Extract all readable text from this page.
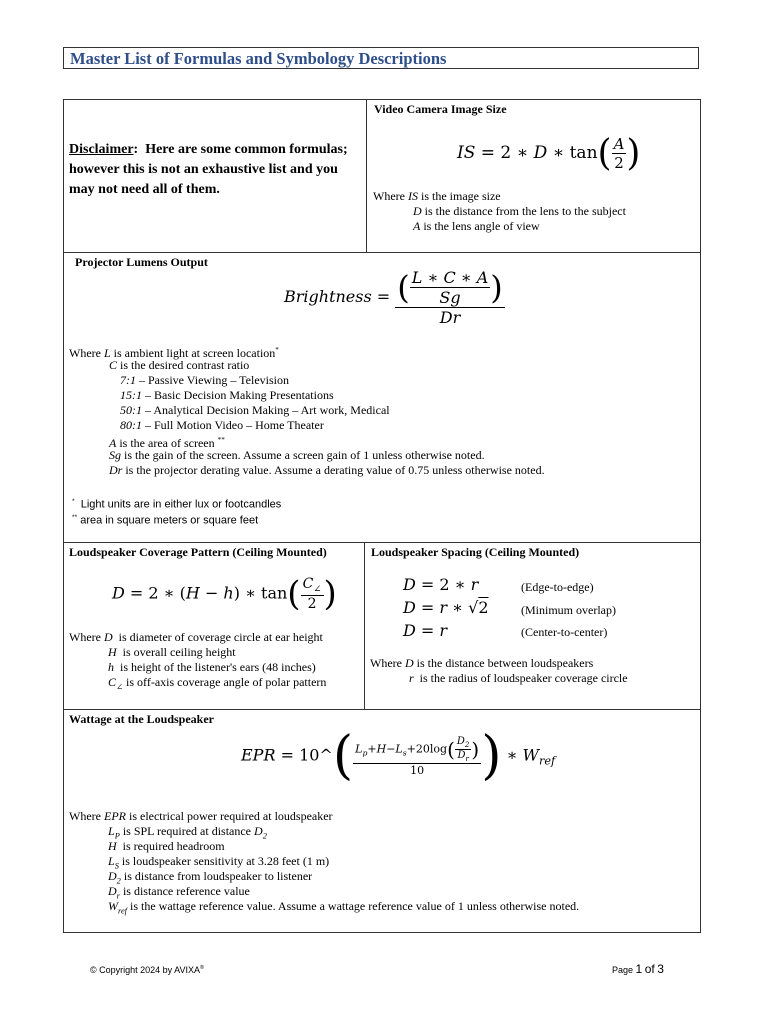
Master List of Formulas and Symbology Descriptions
Disclaimer:  Here are some common formulas; however this is not an exhaustive list and you may not need all of them.
Video Camera Image Size
IS = 2 ∗ D ∗ $\tan( \frac{A}{2}$ )
Where IS is the image size
D is the distance from the lens to the subject
A is the lens angle of view
Projector Lumens Output
Brightness = $\frac{( \frac{L ∗ C ∗ A}{Sg} )}{Dr}$
Where L is ambient light at screen location*
C is the desired contrast ratio
7:1 – Passive Viewing – Television
15:1 – Basic Decision Making Presentations
50:1 – Analytical Decision Making – Art work, Medical
80:1 – Full Motion Video – Home Theater
A is the area of screen **
Sg is the gain of the screen. Assume a screen gain of 1 unless otherwise noted.
Dr is the projector derating value. Assume a derating value of 0.75 unless otherwise noted.
* Light units are in either lux or footcandles
** area in square meters or square feet
Loudspeaker Coverage Pattern (Ceiling Mounted)
D = 2 ∗ (H − h) ∗ $\tan( \frac{C_\angle}{2}$ )
Where D is diameter of coverage circle at ear height
H is overall ceiling height
h is height of the listener's ears (48 inches)
$C_\angle$ is off-axis coverage angle of polar pattern
Loudspeaker Spacing (Ceiling Mounted)
D = 2 ∗ r
D = r ∗ √2
D = r
(Edge-to-edge)
(Minimum overlap)
(Center-to-center)
Where D is the distance between loudspeakers
r is the radius of loudspeaker coverage circle
Wattage at the Loudspeaker
EPR = 10^( $\frac{L_p+H-L_s+20\log( \frac{D_2}{D_r} )}{10}$ ) ∗ $W_{ref}$
Where EPR is electrical power required at loudspeaker
$L_P$ is SPL required at distance $D_2$
H is required headroom
$L_S$ is loudspeaker sensitivity at 3.28 feet (1 m)
$D_2$ is distance from loudspeaker to listener
$D_r$ is distance reference value
$W_{ref}$ is the wattage reference value. Assume a wattage reference value of 1 unless otherwise noted.
© Copyright 2024 by AVIXA®	Page 1 of 3
